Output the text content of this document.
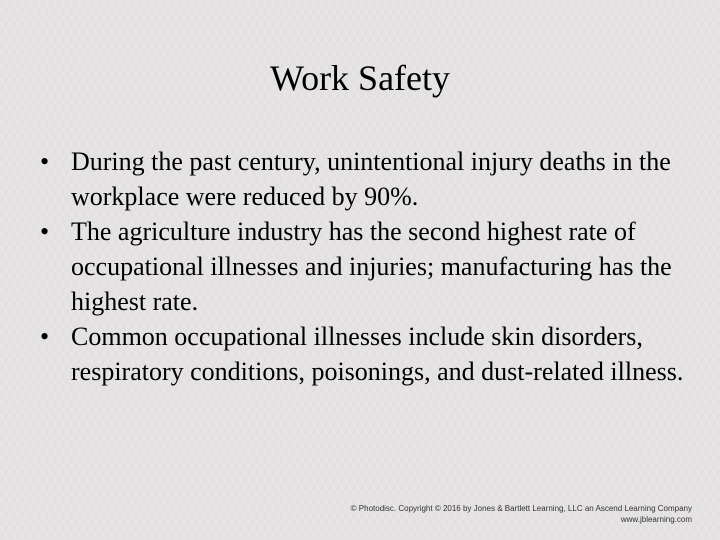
Work Safety
• During the past century, unintentional injury deaths in the workplace were reduced by 90%.
• The agriculture industry has the second highest rate of occupational illnesses and injuries; manufacturing has the highest rate.
• Common occupational illnesses include skin disorders, respiratory conditions, poisonings, and dust-related illness.
© Photodisc. Copyright © 2016 by Jones & Bartlett Learning, LLC an Ascend Learning Company
www.jblearning.com
